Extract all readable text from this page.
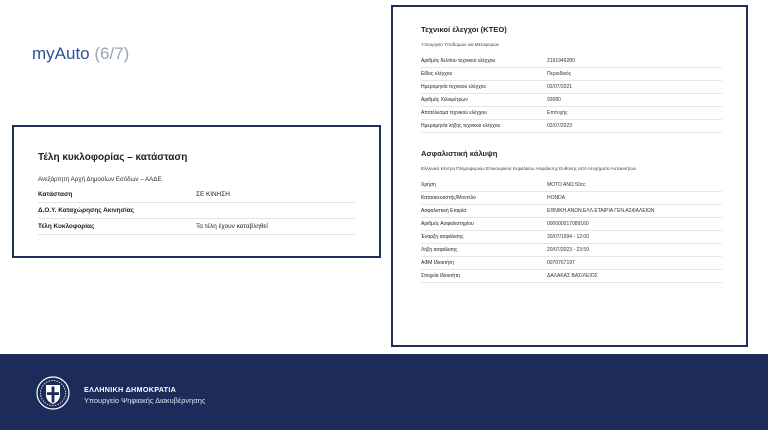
myAuto (6/7)
Τέλη κυκλοφορίας – κατάσταση
Ανεξάρτητη Αρχή Δημοσίων Εσόδων – ΑΑΔΕ
Κατάσταση	ΣΕ ΚΙΝΗΣΗ
Δ.Ο.Υ. Καταχώρησης Ακινησίας
Τέλη Κυκλοφορίας	Τα τέλη έχουν καταβληθεί
Τεχνικοί έλεγχοι (ΚΤΕΟ)
Υπουργείο Υποδομών και Μεταφορών
Αριθμός δελτίου τεχνικού ελέγχου	2191949280
Είδος ελέγχου	Περιοδικός
Ημερομηνία τεχνικού ελέγχου	02/07/2021
Αριθμός Χιλιομέτρων	93080
Αποτέλεσμα τεχνικού ελέγχου	Επιτυχής
Ημερομηνία λήξης τεχνικού ελέγχου	02/07/2023
Ασφαλιστική κάλυψη
Ελληνικό Κέντρο Πληροφοριών Επικουρικού Κεφαλαίου Ασφάλισης Ευθύνης από Ατυχήματα Αυτοκινήτων
Χρήση	ΜΟΤΟ ΑΝΩ 50cc
Κατασκευαστής/Μοντέλο	HONDA
Ασφαλιστική Εταιρία	ΕΘΝΙΚΗ ΑΝΩΝ.ΕΛΛ.ΕΤΑΙΡΙΑ ΓΕΝ.ΑΣΦΑΛΕΙΩΝ
Αριθμός Ασφαλιστηρίου	000000017089160
Έναρξη ασφάλισης	20/07/1994 - 12:00
Λήξη ασφάλισης	20/07/2023 - 23:59
ΑΦΜ Ιδιοκτήτη	0070767197
Στοιχεία Ιδιοκτήτη	ΔΑΛΑΚΑΣ ΒΑΣΙΛΕΙΟΣ
ΕΛΛΗΝΙΚΗ ΔΗΜΟΚΡΑΤΙΑ
Υπουργείο Ψηφιακής Διακυβέρνησης
